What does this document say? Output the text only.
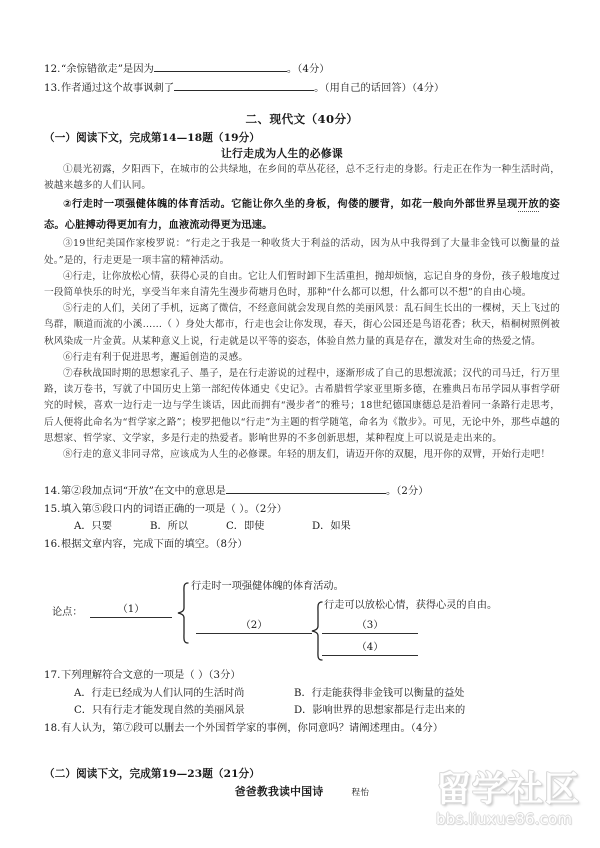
12.“余惊错欲走”是因为	。（4分）
13.作者通过这个故事讽刺了	。（用自己的话回答）（4分）
二、现代文（40分）
（一）阅读下文，完成第14—18题（19分）
让行走成为人生的必修课

①晨光初露，夕阳西下，在城市的公共绿地，在乡间的草丛花径，总不乏行走的身影。行走正在作为一种生活时尚，被越来越多的人们认同。

②行走时一项强健体魄的体育活动。它能让你久坐的身板，佝偻的腰背，如花一般向外部世界呈现开放的姿态。心脏搏动得更加有力，血液流动得更为迅速。

③19世纪美国作家梭罗说：“行走之于我是一种收货大于利益的活动，因为从中我得到了大量非金钱可以衡量的益处。”是的，行走更是一项丰富的精神活动。

④行走，让你放松心情，获得心灵的自由。它让人们暂时卸下生活重担，抛却烦恼，忘记自身的身份，孩子般地度过一段简单快乐的时光，享受当年来自清先生漫步荷塘月色时，那种“什么都可以想，什么都可以不想”的自由心境。

⑤行走的人们，关闭了手机，远离了微信，不经意间就会发现自然的美丽风景：乱石间生长出的一棵树，天上飞过的鸟群，顺道而流的小溪……（ ）身处大都市，行走也会让你发现，春天，街心公园还是鸟语花香；秋天，梧桐树照例被秋风染成一片金黄。从某种意义上说，行走就是以平等的姿态，体验自然力量的真是存在，激发对生命的热爱之情。

⑥行走有利于促进思考，邂逅创造的灵感。

⑦春秋战国时期的思想家孔子、墨子，是在行走游说的过程中，逐渐形成了自己的思想流派；汉代的司马迁，行万里路，读万卷书，写就了中国历史上第一部纪传体通史《史记》。古希腊哲学家亚里斯多德，在雅典吕布吊学园从事哲学研究的时候，喜欢一边行走一边与学生谈话，因此而拥有“漫步者”的雅号；18世纪德国康德总是沿着同一条路行走思考，后人便将此命名为“哲学家之路”；梭罗把他以“行走”为主题的哲学随笔，命名为《散步》。可见，无论中外，那些卓越的思想家、哲学家、文学家，多是行走的热爱者。影响世界的不多创新思想，某种程度上可以说是走出来的。

⑧行走的意义非同寻常，应该成为人生的必修课。年轻的朋友们，请迈开你的双腿，甩开你的双臂，开始行走吧！

14.第②段加点词“开放”在文中的意思是	。（2分）
15.填入第⑤段口内的词语正确的一项是（ ）。（2分）
A．只要	B．所以	C．即使	D．如果
16.根据文章内容，完成下面的填空。（8分）
论点：	（1）
行走时一项强健体魄的体育活动。
（2）
行走可以放松心情，获得心灵的自由。
（3）
（4）
17.下列理解符合文意的一项是（ ）（3分）
A．行走已经成为人们认同的生活时尚	B．行走能获得非金钱可以衡量的益处
C．只有行走才能发现自然的美丽风景	D．影响世界的思想家都是行走出来的
18.有人认为，第⑦段可以删去一个外国哲学家的事例，你同意吗？请阐述理由。（4分）
（二）阅读下文，完成第19—23题（21分）
爸爸教我读中国诗	程怡	留学社区
bbs.liuxue86.com
